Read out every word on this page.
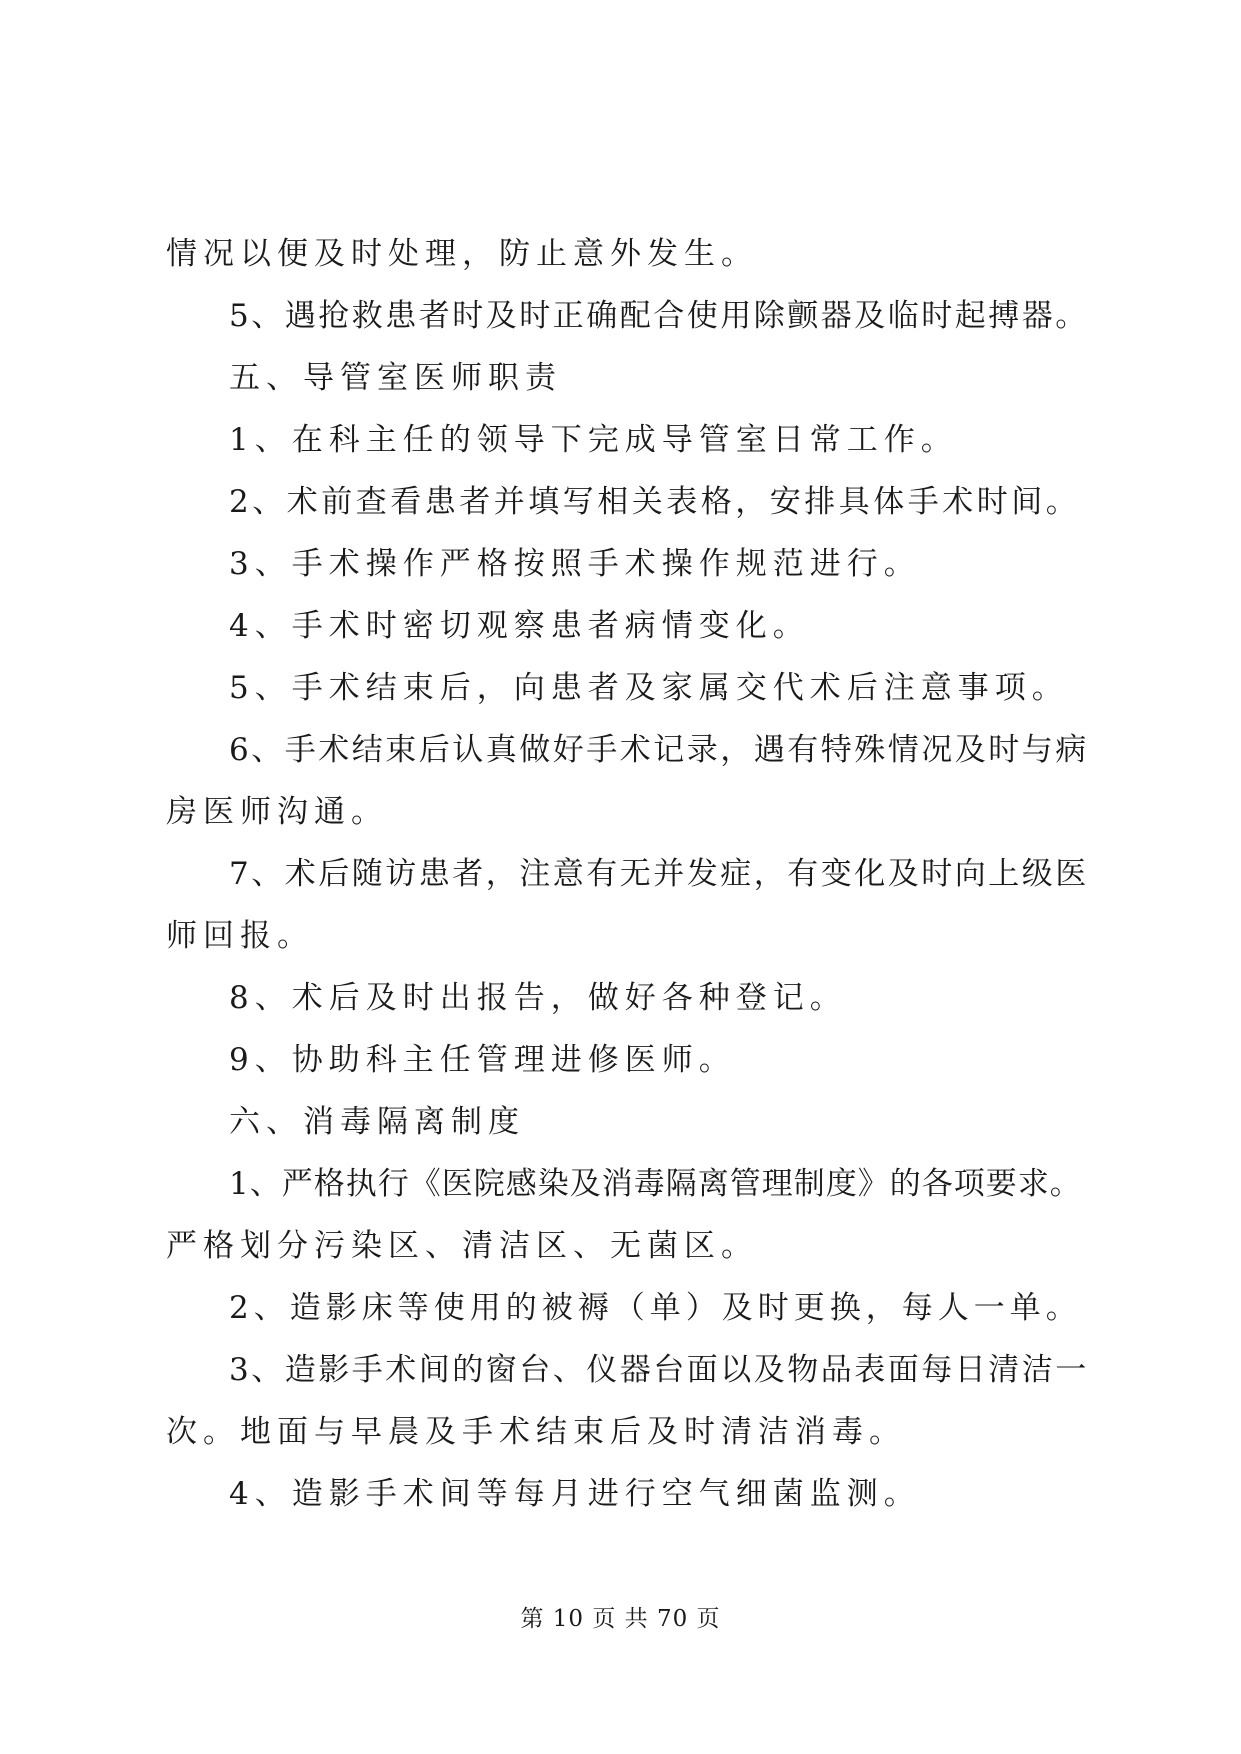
情况以便及时处理，防止意外发生。
5、遇抢救患者时及时正确配合使用除颤器及临时起搏器。
五、导管室医师职责
1、在科主任的领导下完成导管室日常工作。
2、术前查看患者并填写相关表格，安排具体手术时间。
3、手术操作严格按照手术操作规范进行。
4、手术时密切观察患者病情变化。
5、手术结束后，向患者及家属交代术后注意事项。
6、手术结束后认真做好手术记录，遇有特殊情况及时与病
房医师沟通。
7、术后随访患者，注意有无并发症，有变化及时向上级医
师回报。
8、术后及时出报告，做好各种登记。
9、协助科主任管理进修医师。
六、消毒隔离制度
1、严格执行《医院感染及消毒隔离管理制度》的各项要求。
严格划分污染区、清洁区、无菌区。
2、造影床等使用的被褥（单）及时更换，每人一单。
3、造影手术间的窗台、仪器台面以及物品表面每日清洁一
次。地面与早晨及手术结束后及时清洁消毒。
4、造影手术间等每月进行空气细菌监测。
第 10 页 共 70 页
